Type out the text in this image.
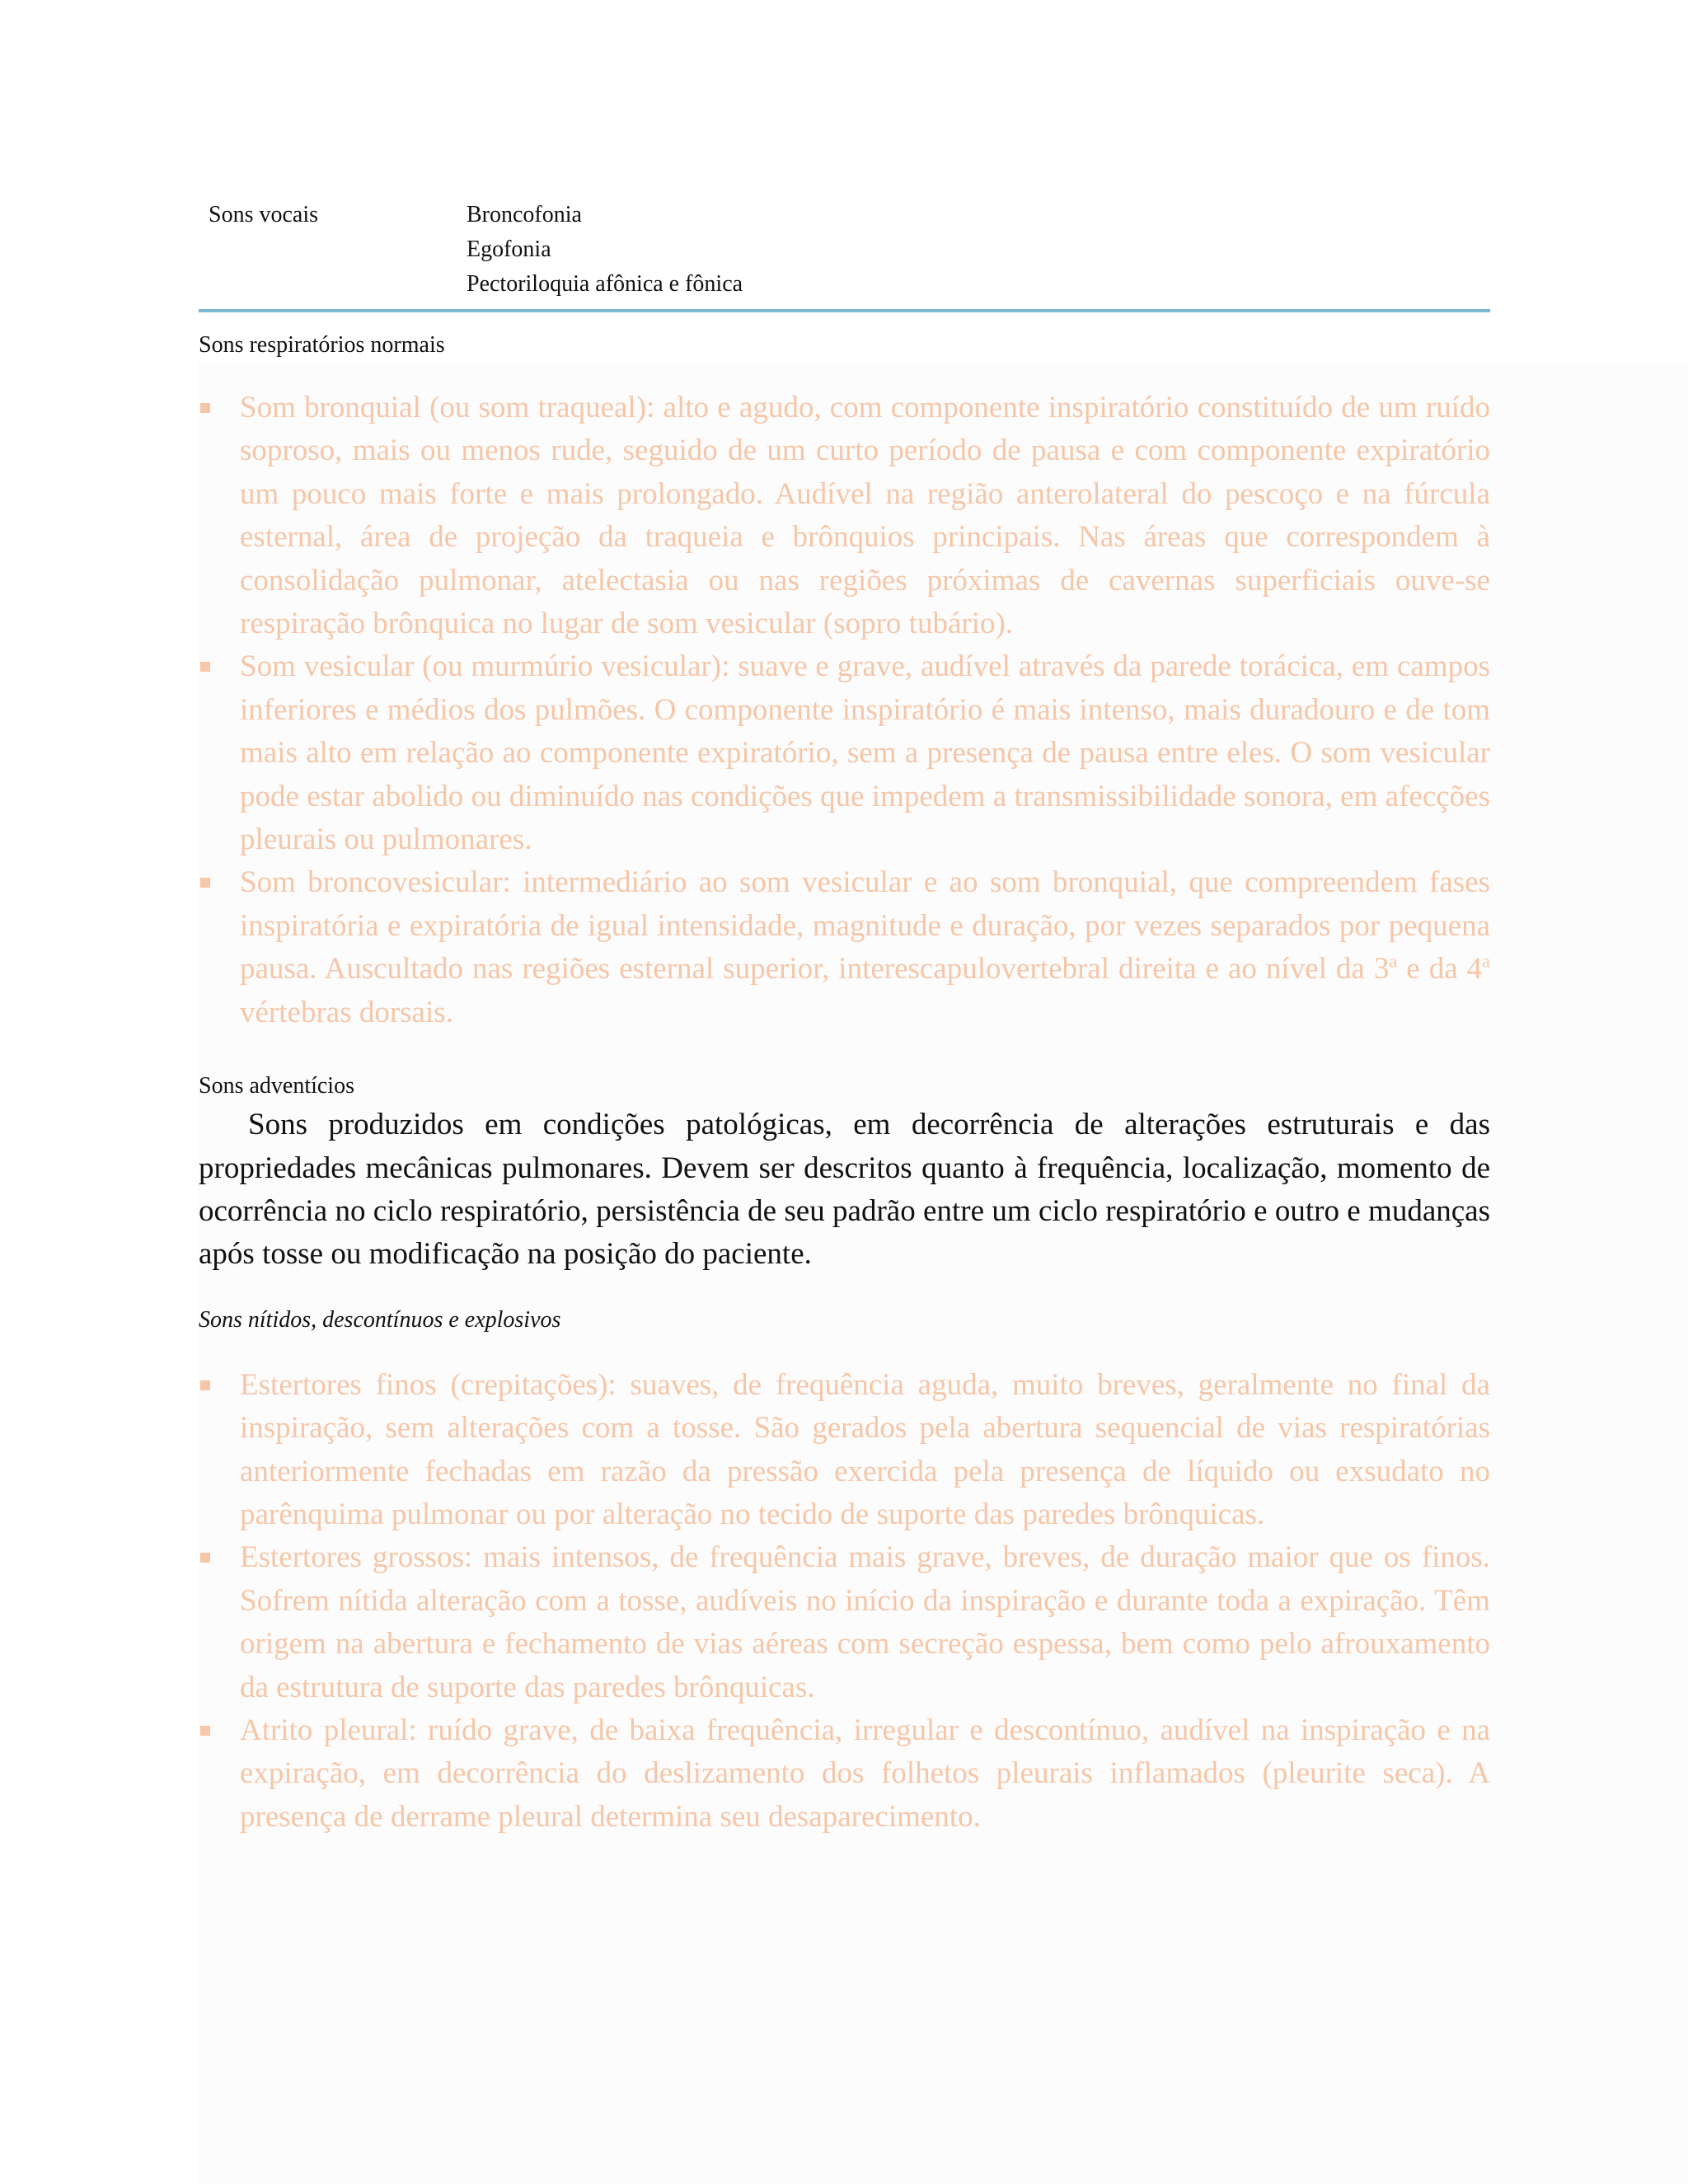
Sons vocais	Broncofonia
Egofonia
Pectoriloquia afônica e fônica

Sons respiratórios normais

Som bronquial (ou som traqueal): alto e agudo, com componente inspiratório constituído de um ruído soproso, mais ou menos rude, seguido de um curto período de pausa e com componente expiratório um pouco mais forte e mais prolongado. Audível na região anterolateral do pescoço e na fúrcula esternal, área de projeção da traqueia e brônquios principais. Nas áreas que correspondem à consolidação pulmonar, atelectasia ou nas regiões próximas de cavernas superficiais ouve-se respiração brônquica no lugar de som vesicular (sopro tubário).
Som vesicular (ou murmúrio vesicular): suave e grave, audível através da parede torácica, em campos inferiores e médios dos pulmões. O componente inspiratório é mais intenso, mais duradouro e de tom mais alto em relação ao componente expiratório, sem a presença de pausa entre eles. O som vesicular pode estar abolido ou diminuído nas condições que impedem a transmissibilidade sonora, em afecções pleurais ou pulmonares.
Som broncovesicular: intermediário ao som vesicular e ao som bronquial, que compreendem fases inspiratória e expiratória de igual intensidade, magnitude e duração, por vezes separados por pequena pausa. Auscultado nas regiões esternal superior, interescapulovertebral direita e ao nível da 3$^a$ e da 4$^a$ vértebras dorsais.

Sons adventícios

Sons produzidos em condições patológicas, em decorrência de alterações estruturais e das propriedades mecânicas pulmonares. Devem ser descritos quanto à frequência, localização, momento de ocorrência no ciclo respiratório, persistência de seu padrão entre um ciclo respiratório e outro e mudanças após tosse ou modificação na posição do paciente.

Sons nítidos, descontínuos e explosivos

Estertores finos (crepitações): suaves, de frequência aguda, muito breves, geralmente no final da inspiração, sem alterações com a tosse. São gerados pela abertura sequencial de vias respiratórias anteriormente fechadas em razão da pressão exercida pela presença de líquido ou exsudato no parênquima pulmonar ou por alteração no tecido de suporte das paredes brônquicas.
Estertores grossos: mais intensos, de frequência mais grave, breves, de duração maior que os finos. Sofrem nítida alteração com a tosse, audíveis no início da inspiração e durante toda a expiração. Têm origem na abertura e fechamento de vias aéreas com secreção espessa, bem como pelo afrouxamento da estrutura de suporte das paredes brônquicas.
Atrito pleural: ruído grave, de baixa frequência, irregular e descontínuo, audível na inspiração e na expiração, em decorrência do deslizamento dos folhetos pleurais inflamados (pleurite seca). A presença de derrame pleural determina seu desaparecimento.
